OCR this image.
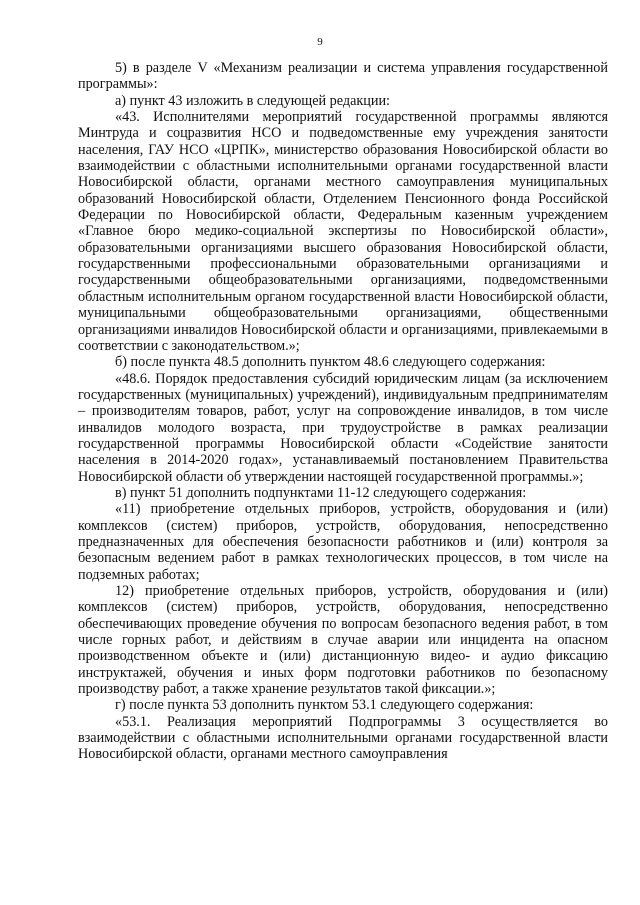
9

5) в разделе V «Механизм реализации и система управления государственной программы»:

а) пункт 43 изложить в следующей редакции:

«43. Исполнителями мероприятий государственной программы являются Минтруда и соцразвития НСО и подведомственные ему учреждения занятости населения, ГАУ НСО «ЦРПК», министерство образования Новосибирской области во взаимодействии с областными исполнительными органами государственной власти Новосибирской области, органами местного самоуправления муниципальных образований Новосибирской области, Отделением Пенсионного фонда Российской Федерации по Новосибирской области, Федеральным казенным учреждением «Главное бюро медико-социальной экспертизы по Новосибирской области», образовательными организациями высшего образования Новосибирской области, государственными профессиональными образовательными организациями и государственными общеобразовательными организациями, подведомственными областным исполнительным органом государственной власти Новосибирской области, муниципальными общеобразовательными организациями, общественными организациями инвалидов Новосибирской области и организациями, привлекаемыми в соответствии с законодательством.»;

б) после пункта 48.5 дополнить пунктом 48.6 следующего содержания:

«48.6. Порядок предоставления субсидий юридическим лицам (за исключением государственных (муниципальных) учреждений), индивидуальным предпринимателям – производителям товаров, работ, услуг на сопровождение инвалидов, в том числе инвалидов молодого возраста, при трудоустройстве в рамках реализации государственной программы Новосибирской области «Содействие занятости населения в 2014-2020 годах», устанавливаемый постановлением Правительства Новосибирской области об утверждении настоящей государственной программы.»;

в) пункт 51 дополнить подпунктами 11-12 следующего содержания:

«11) приобретение отдельных приборов, устройств, оборудования и (или) комплексов (систем) приборов, устройств, оборудования, непосредственно предназначенных для обеспечения безопасности работников и (или) контроля за безопасным ведением работ в рамках технологических процессов, в том числе на подземных работах;

12) приобретение отдельных приборов, устройств, оборудования и (или) комплексов (систем) приборов, устройств, оборудования, непосредственно обеспечивающих проведение обучения по вопросам безопасного ведения работ, в том числе горных работ, и действиям в случае аварии или инцидента на опасном производственном объекте и (или) дистанционную видео- и аудио фиксацию инструктажей, обучения и иных форм подготовки работников по безопасному производству работ, а также хранение результатов такой фиксации.»;

г) после пункта 53 дополнить пунктом 53.1 следующего содержания:

«53.1. Реализация мероприятий Подпрограммы 3 осуществляется во взаимодействии с областными исполнительными органами государственной власти Новосибирской области, органами местного самоуправления
